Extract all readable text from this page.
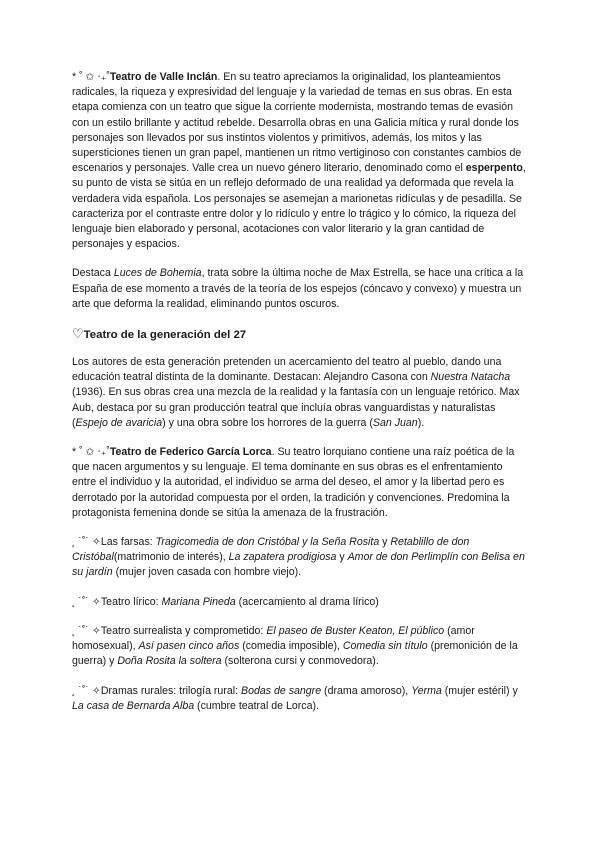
* ˚ ✩ ‧₊˚Teatro de Valle Inclán. En su teatro apreciamos la originalidad, los planteamientos radicales, la riqueza y expresividad del lenguaje y la variedad de temas en sus obras. En esta etapa comienza con un teatro que sigue la corriente modernista, mostrando temas de evasión con un estilo brillante y actitud rebelde. Desarrolla obras en una Galicia mítica y rural donde los personajes son llevados por sus instintos violentos y primitivos, además, los mitos y las supersticiones tienen un gran papel, mantienen un ritmo vertiginoso con constantes cambios de escenarios y personajes. Valle crea un nuevo género literario, denominado como el esperpento, su punto de vista se sitúa en un reflejo deformado de una realidad ya deformada que revela la verdadera vida española. Los personajes se asemejan a marionetas ridículas y de pesadilla. Se caracteriza por el contraste entre dolor y lo ridículo y entre lo trágico y lo cómico, la riqueza del lenguaje bien elaborado y personal, acotaciones con valor literario y la gran cantidad de personajes y espacios.

Destaca Luces de Bohemia, trata sobre la última noche de Max Estrella, se hace una crítica a la España de ese momento a través de la teoría de los espejos (cóncavo y convexo) y muestra un arte que deforma la realidad, eliminando puntos oscuros.

♡Teatro de la generación del 27

Los autores de esta generación pretenden un acercamiento del teatro al pueblo, dando una educación teatral distinta de la dominante. Destacan: Alejandro Casona con Nuestra Natacha (1936). En sus obras crea una mezcla de la realidad y la fantasía con un lenguaje retórico. Max Aub, destaca por su gran producción teatral que incluía obras vanguardistas y naturalistas (Espejo de avaricia) y una obra sobre los horrores de la guerra (San Juan).

* ˚ ✩ ‧₊˚Teatro de Federico García Lorca. Su teatro lorquiano contiene una raíz poética de la que nacen argumentos y su lenguaje. El tema dominante en sus obras es el enfrentamiento entre el individuo y la autoridad, el individuo se arma del deseo, el amor y la libertad pero es derrotado por la autoridad compuesta por el orden, la tradición y convenciones. Predomina la protagonista femenina donde se sitúa la amenaza de la frustración.

˛ ˙˚˙ ✧Las farsas: Tragicomedia de don Cristóbal y la Seña Rosita y Retablillo de don Cristóbal(matrimonio de interés), La zapatera prodigiosa y Amor de don Perlimplín con Belisa en su jardín (mujer joven casada con hombre viejo).

˛ ˙˚˙ ✧Teatro lírico: Mariana Pineda (acercamiento al drama lírico)

˛ ˙˚˙ ✧Teatro surrealista y comprometido: El paseo de Buster Keaton, El público (amor homosexual), Así pasen cinco años (comedia imposible), Comedia sin título (premonición de la guerra) y Doña Rosita la soltera (solterona cursi y conmovedora).

˛ ˙˚˙ ✧Dramas rurales: trilogía rural: Bodas de sangre (drama amoroso), Yerma (mujer estéril) y La casa de Bernarda Alba (cumbre teatral de Lorca).
